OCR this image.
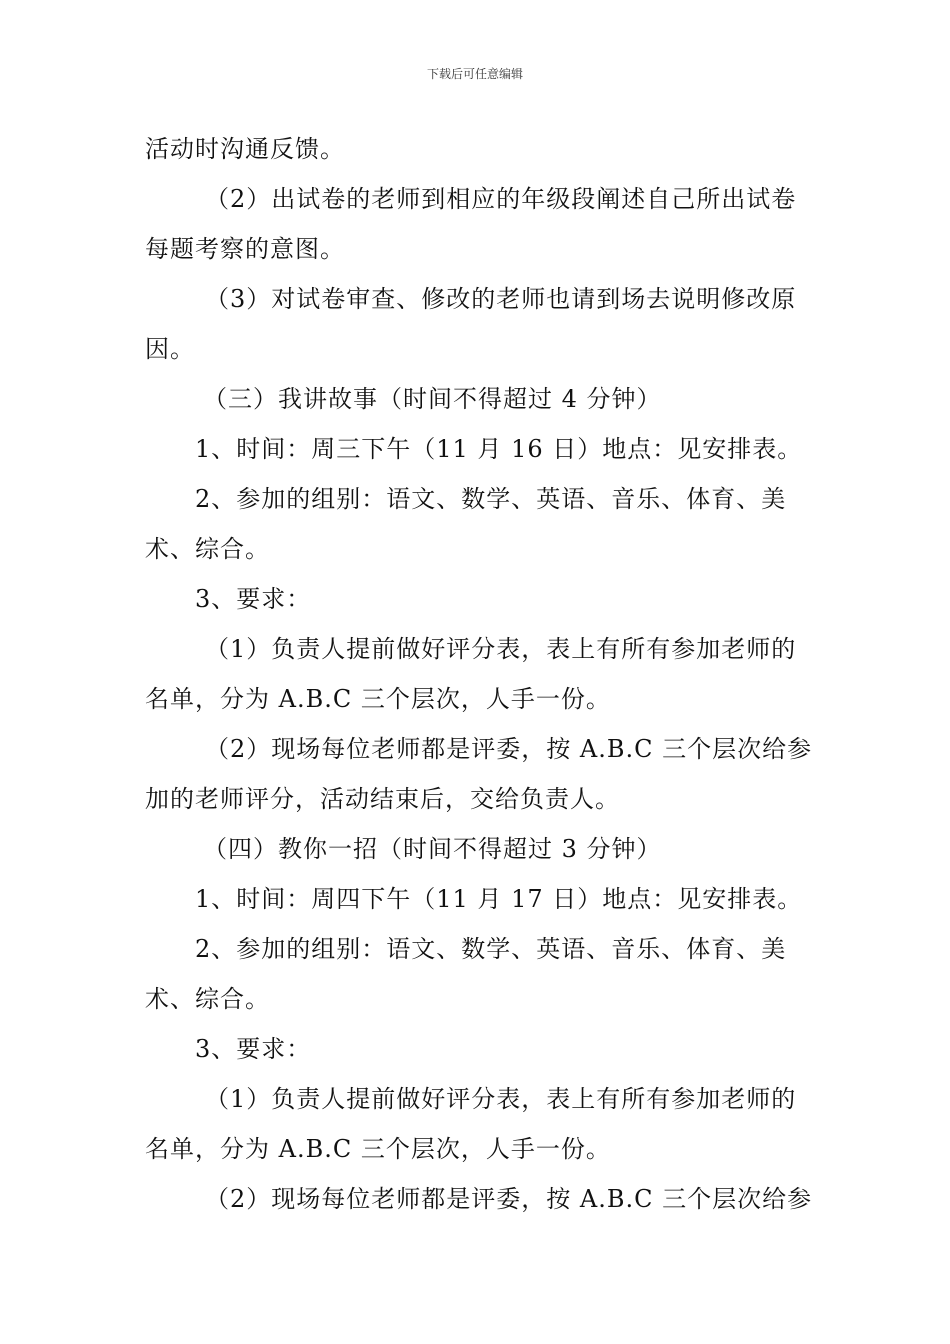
下载后可任意编辑

活动时沟通反馈。

（2）出试卷的老师到相应的年级段阐述自己所出试卷

每题考察的意图。

（3）对试卷审查、修改的老师也请到场去说明修改原

因。

（三）我讲故事（时间不得超过 4 分钟）

1、时间：周三下午（11 月 16 日）地点：见安排表。

2、参加的组别：语文、数学、英语、音乐、体育、美

术、综合。

3、要求：

（1）负责人提前做好评分表，表上有所有参加老师的

名单，分为 A.B.C 三个层次，人手一份。

（2）现场每位老师都是评委，按 A.B.C 三个层次给参

加的老师评分，活动结束后，交给负责人。

（四）教你一招（时间不得超过 3 分钟）

1、时间：周四下午（11 月 17 日）地点：见安排表。

2、参加的组别：语文、数学、英语、音乐、体育、美

术、综合。

3、要求：

（1）负责人提前做好评分表，表上有所有参加老师的

名单，分为 A.B.C 三个层次，人手一份。

（2）现场每位老师都是评委，按 A.B.C 三个层次给参
